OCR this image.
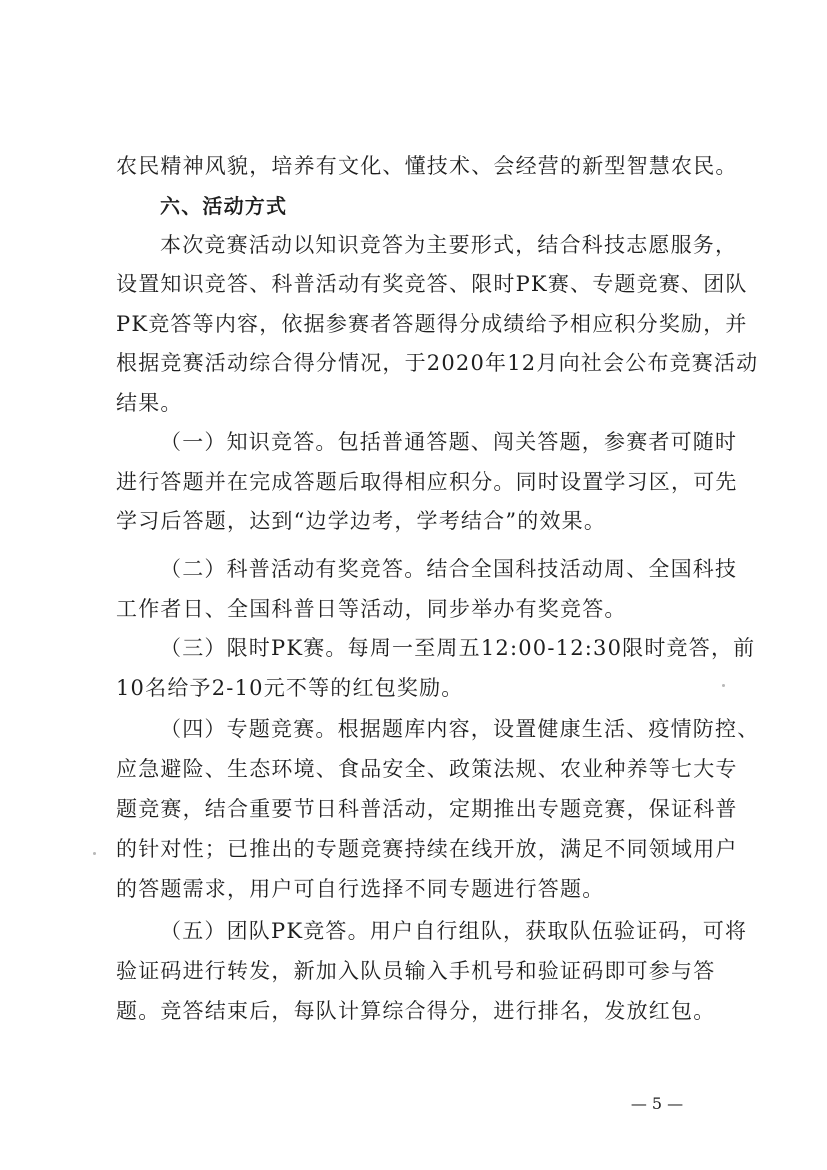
农民精神风貌，培养有文化、懂技术、会经营的新型智慧农民。
六、活动方式
本次竞赛活动以知识竞答为主要形式，结合科技志愿服务，
设置知识竞答、科普活动有奖竞答、限时PK赛、专题竞赛、团队
PK竞答等内容，依据参赛者答题得分成绩给予相应积分奖励，并
根据竞赛活动综合得分情况，于2020年12月向社会公布竞赛活动
结果。
（一）知识竞答。包括普通答题、闯关答题，参赛者可随时
进行答题并在完成答题后取得相应积分。同时设置学习区，可先
学习后答题，达到“边学边考，学考结合”的效果。
（二）科普活动有奖竞答。结合全国科技活动周、全国科技
工作者日、全国科普日等活动，同步举办有奖竞答。
（三）限时PK赛。每周一至周五12:00-12:30限时竞答，前
10名给予2-10元不等的红包奖励。
（四）专题竞赛。根据题库内容，设置健康生活、疫情防控、
应急避险、生态环境、食品安全、政策法规、农业种养等七大专
题竞赛，结合重要节日科普活动，定期推出专题竞赛，保证科普
的针对性；已推出的专题竞赛持续在线开放，满足不同领域用户
的答题需求，用户可自行选择不同专题进行答题。
（五）团队PK竞答。用户自行组队，获取队伍验证码，可将
验证码进行转发，新加入队员输入手机号和验证码即可参与答
题。竞答结束后，每队计算综合得分，进行排名，发放红包。
— 5 —
